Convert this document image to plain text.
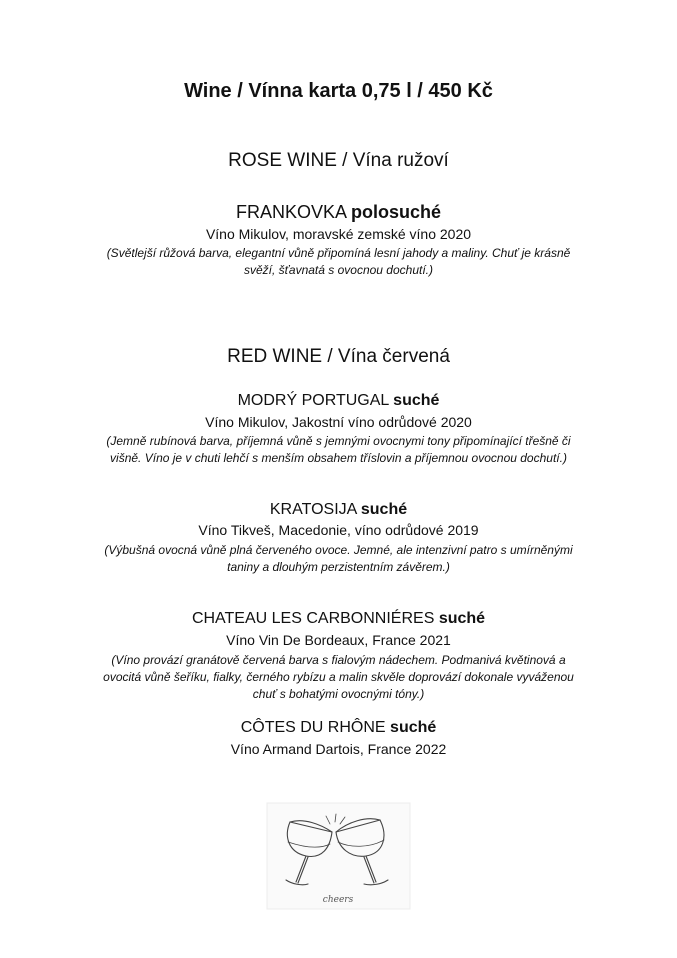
Wine / Vínna karta 0,75 l / 450 Kč
ROSE WINE / Vína ružoví
FRANKOVKA polosuché
Víno Mikulov, moravské zemské víno 2020
(Světlejší růžová barva, elegantní vůně připomíná lesní jahody a maliny. Chuť je krásně
svěží, šťavnatá s ovocnou dochutí.)
RED WINE / Vína červená
MODRÝ PORTUGAL suché
Víno Mikulov, Jakostní víno odrůdové 2020
(Jemně rubínová barva, příjemná vůně s jemnými ovocnymi tony připomínající třešně či
višně. Víno je v chuti lehčí s menším obsahem tříslovin a příjemnou ovocnou dochutí.)
KRATOSIJA suché
Víno Tikveš, Macedonie, víno odrůdové 2019
(Výbušná ovocná vůně plná červeného ovoce. Jemné, ale intenzivní patro s umírněnými
taniny a dlouhým perzistentním závěrem.)
CHATEAU LES CARBONNIÉRES suché
Víno Vin De Bordeaux, France 2021
(Víno provází granátově červená barva s fialovým nádechem. Podmanivá květinová a
ovocitá vůně šeříku, fialky, černého rybízu a malin skvěle doprovází dokonale vyváženou
chuť s bohatými ovocnými tóny.)
CÔTES DU RHÔNE suché
Víno Armand Dartois, France 2022
cheers
